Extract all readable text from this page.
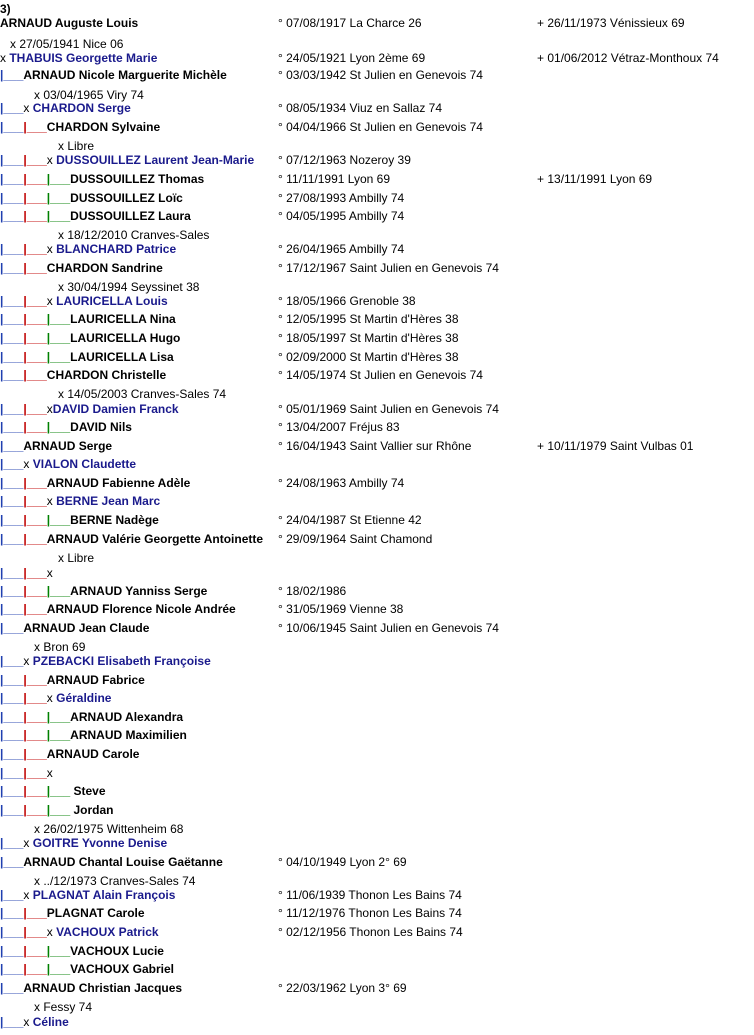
3)
ARNAUD Auguste Louis	° 07/08/1917 La Charce 26	+ 26/11/1973 Vénissieux 69
x 27/05/1941 Nice 06
x THABUIS Georgette Marie	° 24/05/1921 Lyon 2ème 69	+ 01/06/2012 Vétraz-Monthoux 74
|___ARNAUD Nicole Marguerite Michèle	° 03/03/1942 St Julien en Genevois 74
x 03/04/1965 Viry 74
|___x CHARDON Serge	° 08/05/1934 Viuz en Sallaz 74
|___|___CHARDON Sylvaine	° 04/04/1966 St Julien en Genevois 74
x Libre
|___|___x DUSSOUILLEZ Laurent Jean-Marie ° 07/12/1963 Nozeroy 39
|___|___|___DUSSOUILLEZ Thomas	° 11/11/1991 Lyon 69	+ 13/11/1991 Lyon 69
|___|___|___DUSSOUILLEZ Loïc	° 27/08/1993 Ambilly 74
|___|___|___DUSSOUILLEZ Laura	° 04/05/1995 Ambilly 74
x 18/12/2010 Cranves-Sales
|___|___x BLANCHARD Patrice	° 26/04/1965 Ambilly 74
|___|___CHARDON Sandrine	° 17/12/1967 Saint Julien en Genevois 74
x 30/04/1994 Seyssinet 38
|___|___x LAURICELLA Louis	° 18/05/1966 Grenoble 38
|___|___|___LAURICELLA Nina	° 12/05/1995 St Martin d'Hères 38
|___|___|___LAURICELLA Hugo	° 18/05/1997 St Martin d'Hères 38
|___|___|___LAURICELLA Lisa	° 02/09/2000 St Martin d'Hères 38
|___|___CHARDON Christelle	° 14/05/1974 St Julien en Genevois 74
x 14/05/2003 Cranves-Sales 74
|___|___xDAVID Damien Franck	° 05/01/1969 Saint Julien en Genevois 74
|___|___|___DAVID Nils	° 13/04/2007 Fréjus 83
|___ARNAUD Serge	° 16/04/1943 Saint Vallier sur Rhône	+ 10/11/1979 Saint Vulbas 01
|___x VIALON Claudette
|___|___ARNAUD Fabienne Adèle	° 24/08/1963 Ambilly 74
|___|___x BERNE Jean Marc
|___|___|___BERNE Nadège	° 24/04/1987 St Etienne 42
|___|___ARNAUD Valérie Georgette Antoinette ° 29/09/1964 Saint Chamond
x Libre
|___|___x
|___|___|___ARNAUD Yanniss Serge	° 18/02/1986
|___|___ARNAUD Florence Nicole Andrée	° 31/05/1969 Vienne 38
|___ARNAUD Jean Claude	° 10/06/1945 Saint Julien en Genevois 74
x Bron 69
|___x PZEBACKI Elisabeth Françoise
|___|___ARNAUD Fabrice
|___|___x Géraldine
|___|___|___ARNAUD Alexandra
|___|___|___ARNAUD Maximilien
|___|___ARNAUD Carole
|___|___x
|___|___|___ Steve
|___|___|___ Jordan
x 26/02/1975 Wittenheim 68
|___x GOITRE Yvonne Denise
|___ARNAUD Chantal Louise Gaëtanne	° 04/10/1949 Lyon 2° 69
x ../12/1973 Cranves-Sales 74
|___x PLAGNAT Alain François	° 11/06/1939 Thonon Les Bains 74
|___|___PLAGNAT Carole	° 11/12/1976 Thonon Les Bains 74
|___|___x VACHOUX Patrick	° 02/12/1956 Thonon Les Bains 74
|___|___|___VACHOUX Lucie
|___|___|___VACHOUX Gabriel
|___ARNAUD Christian Jacques	° 22/03/1962 Lyon 3° 69
x Fessy 74
|___x Céline
